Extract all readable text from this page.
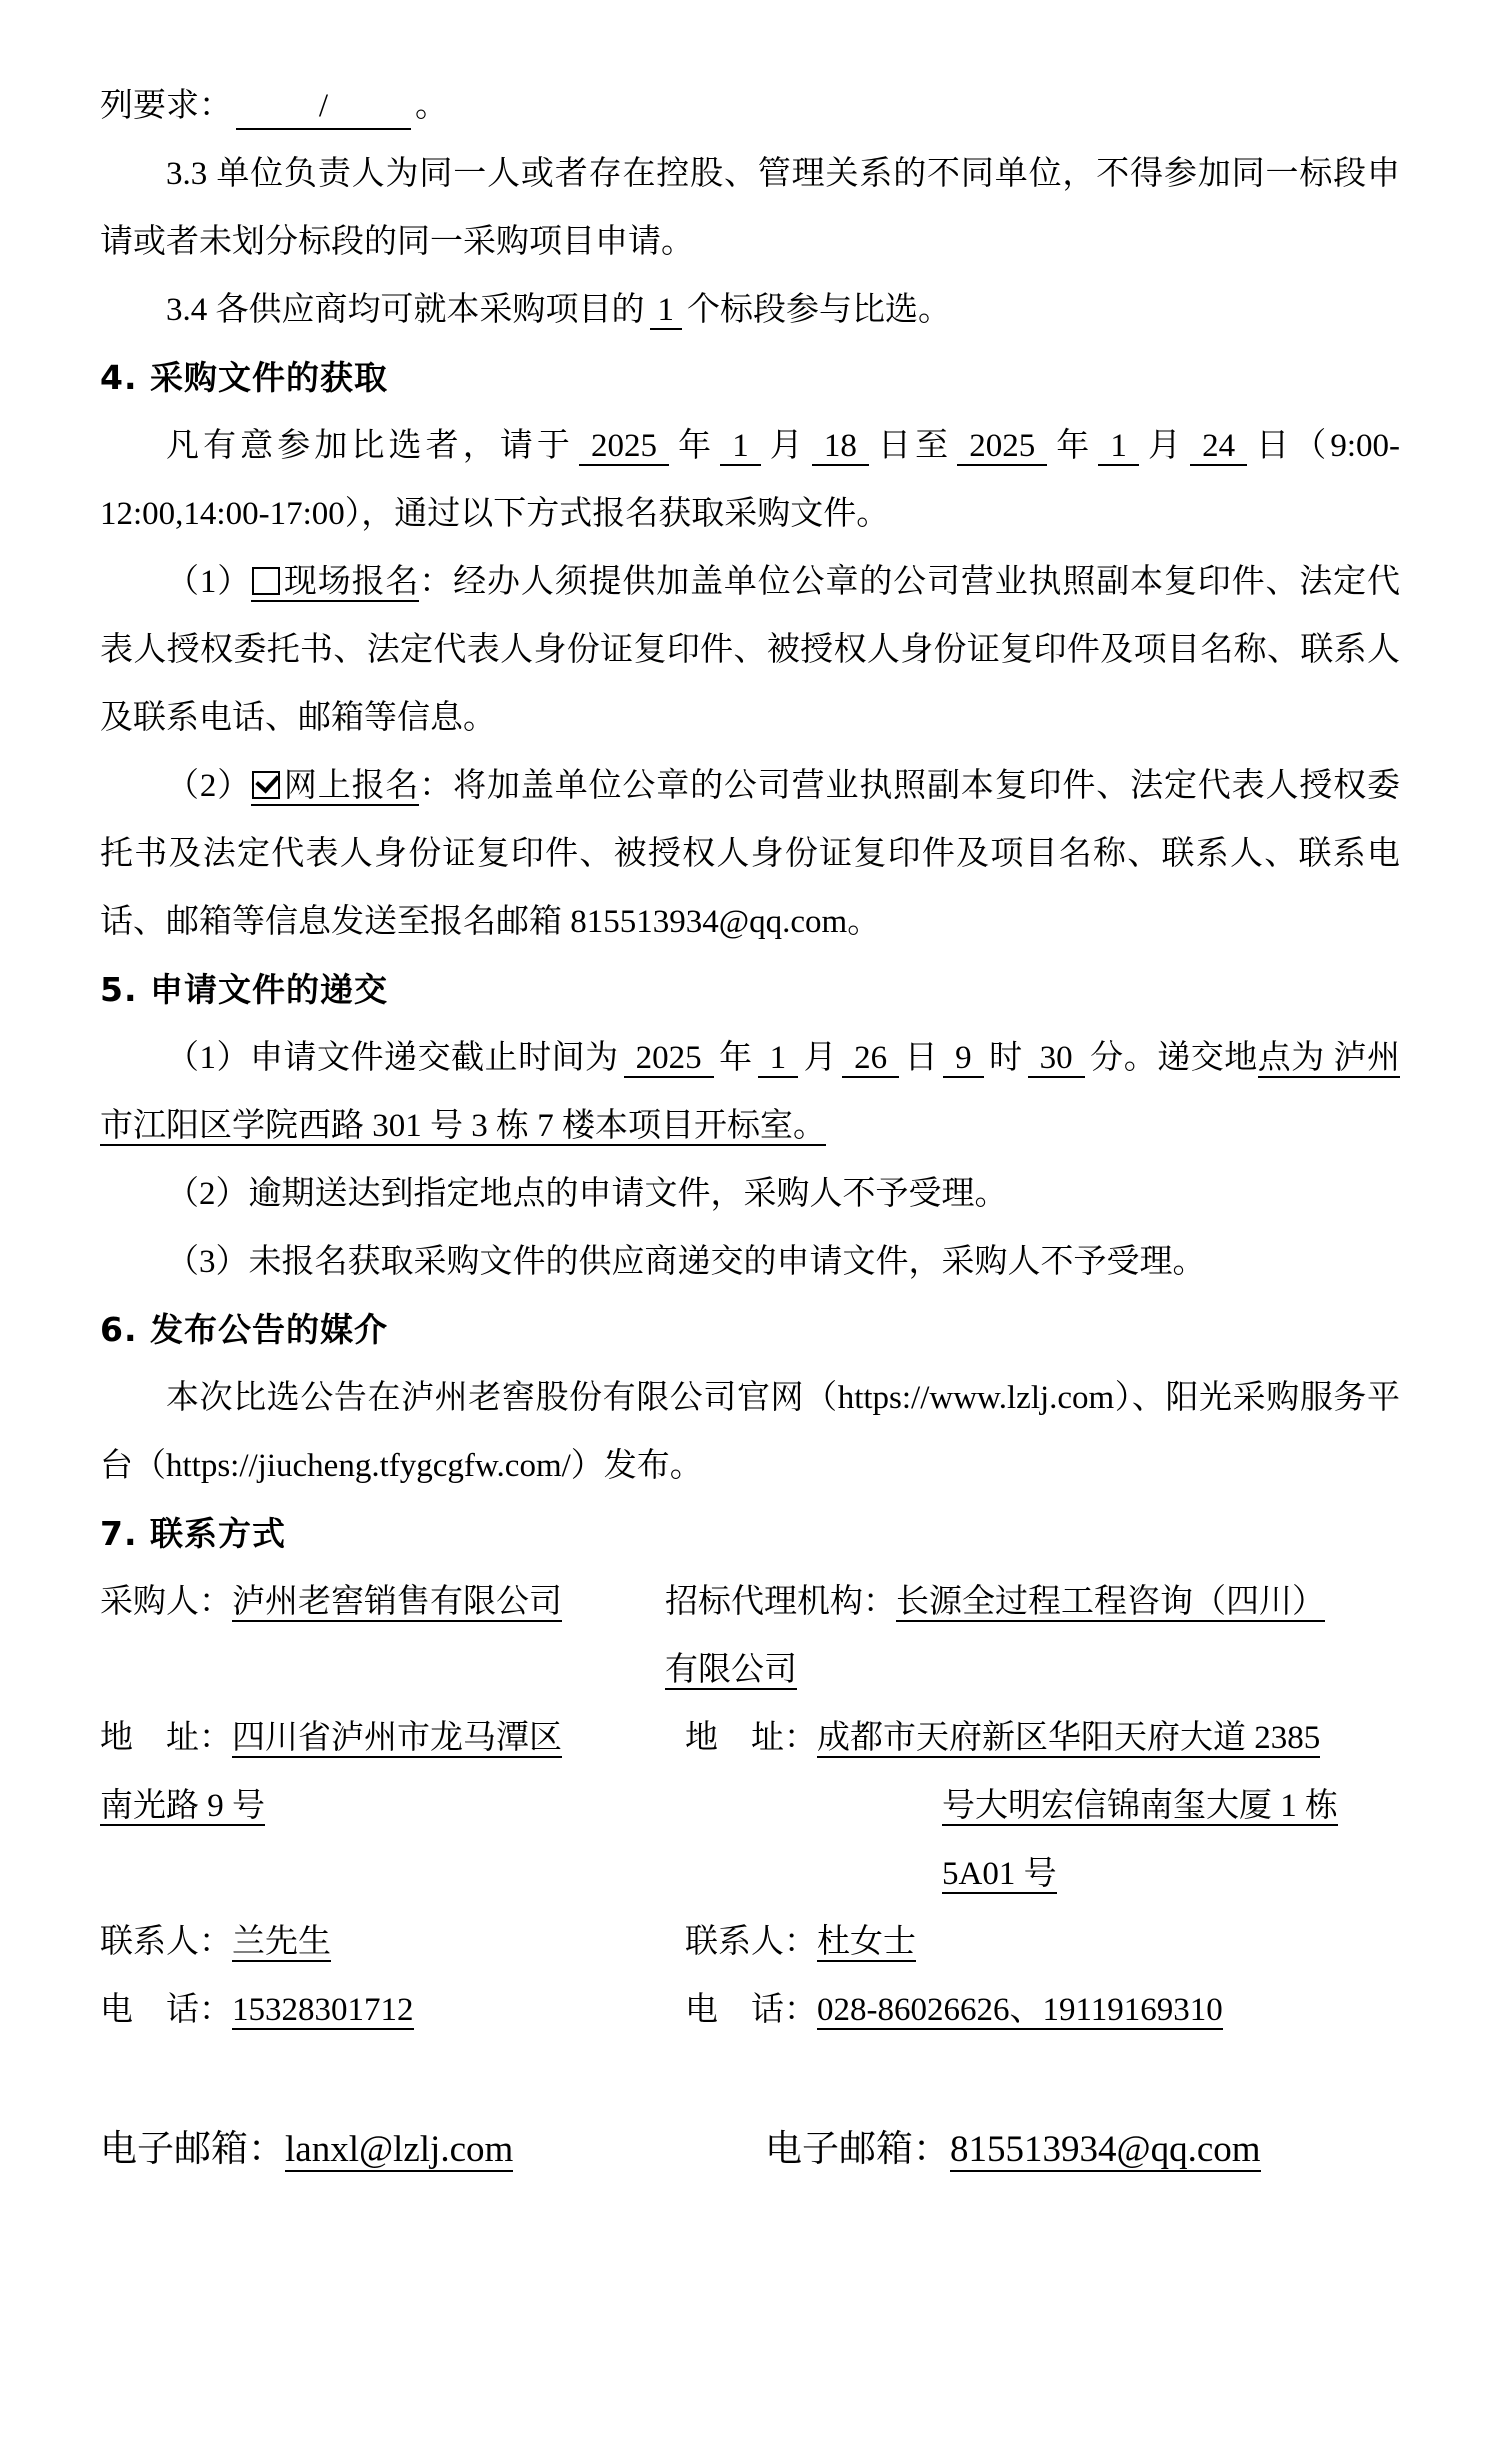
列要求：	/	。

3.3 单位负责人为同一人或者存在控股、管理关系的不同单位，不得参加同一标段申请或者未划分标段的同一采购项目申请。

3.4 各供应商均可就本采购项目的 1 个标段参与比选。

4. 采购文件的获取

凡有意参加比选者，请于 2025 年 1 月 18 日至 2025 年 1 月 24 日（9:00-12:00,14:00-17:00），通过以下方式报名获取采购文件。

（1） 现场报名：经办人须提供加盖单位公章的公司营业执照副本复印件、法定代表人授权委托书、法定代表人身份证复印件、被授权人身份证复印件及项目名称、联系人及联系电话、邮箱等信息。

（2） 网上报名：将加盖单位公章的公司营业执照副本复印件、法定代表人授权委托书及法定代表人身份证复印件、被授权人身份证复印件及项目名称、联系人、联系电话、邮箱等信息发送至报名邮箱 815513934@qq.com。

5. 申请文件的递交

（1）申请文件递交截止时间为 2025 年 1 月 26 日 9 时 30 分。递交地点为 泸州市江阳区学院西路 301 号 3 栋 7 楼本项目开标室。

（2）逾期送达到指定地点的申请文件，采购人不予受理。

（3）未报名获取采购文件的供应商递交的申请文件，采购人不予受理。

6. 发布公告的媒介

本次比选公告在泸州老窖股份有限公司官网（https://www.lzlj.com）、阳光采购服务平台（https://jiucheng.tfygcgfw.com/）发布。

7. 联系方式
采购人：泸州老窖销售有限公司	招标代理机构：长源全过程工程咨询（四川）
有限公司
地　址：四川省泸州市龙马潭区
南光路 9 号
地　址：成都市天府新区华阳天府大道 2385
号大明宏信锦南玺大厦 1 栋
5A01 号
联系人：兰先生	联系人：杜女士
电　话：15328301712	电　话：028-86026626、19119169310
电子邮箱：lanxl@lzlj.com	电子邮箱：815513934@qq.com
